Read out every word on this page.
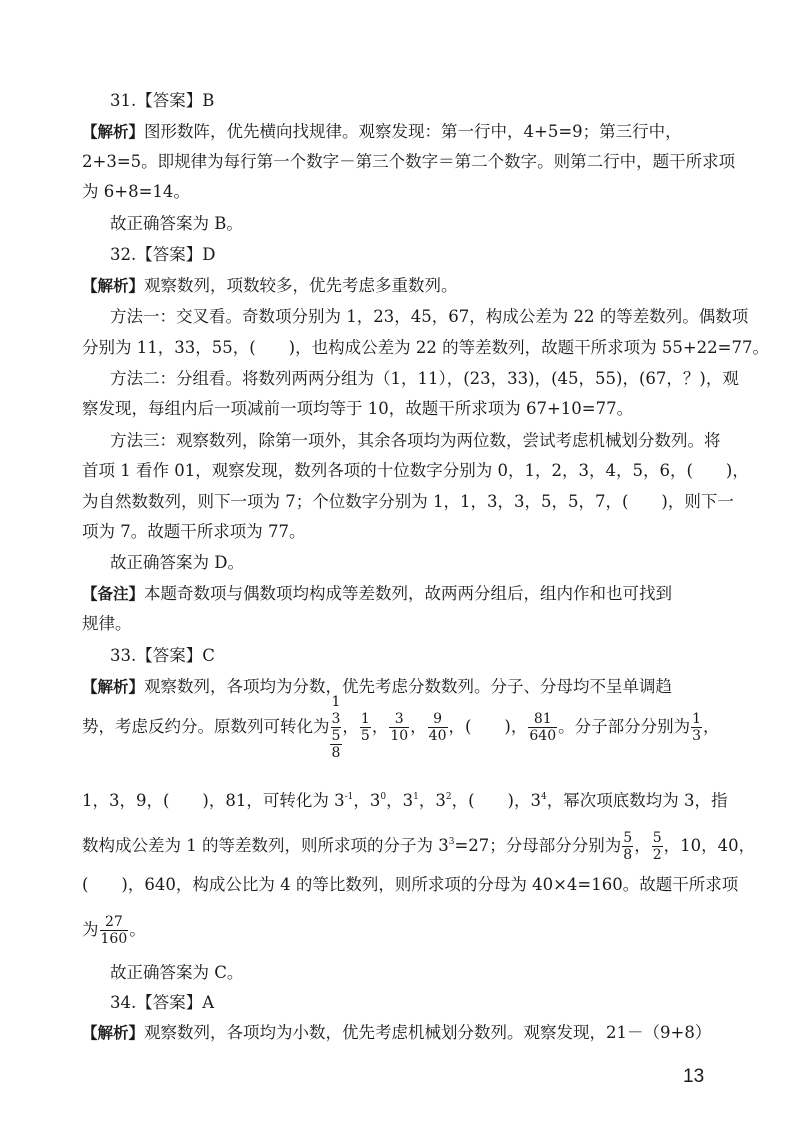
31.【答案】B
【解析】图形数阵，优先横向找规律。观察发现：第一行中，4+5=9；第三行中，
2+3=5。即规律为每行第一个数字－第三个数字＝第二个数字。则第二行中，题干所求项
为 6+8=14。
故正确答案为 B。
32.【答案】D
【解析】观察数列，项数较多，优先考虑多重数列。
方法一：交叉看。奇数项分别为 1，23，45，67，构成公差为 22 的等差数列。偶数项
分别为 11，33，55，(　　)，也构成公差为 22 的等差数列，故题干所求项为 55+22=77。
方法二：分组看。将数列两两分组为（1，11），(23，33)，(45，55)，(67，？)，观
察发现，每组内后一项减前一项均等于 10，故题干所求项为 67+10=77。
方法三：观察数列，除第一项外，其余各项均为两位数，尝试考虑机械划分数列。将
首项 1 看作 01，观察发现，数列各项的十位数字分别为 0，1，2，3，4，5，6，(　　)，
为自然数数列，则下一项为 7；个位数字分别为 1，1，3，3，5，5，7，(　　)，则下一
项为 7。故题干所求项为 77。
故正确答案为 D。
【备注】本题奇数项与偶数项均构成等差数列，故两两分组后，组内作和也可找到
规律。
33.【答案】C
【解析】观察数列，各项均为分数，优先考虑分数数列。分子、分母均不呈单调趋
势，考虑反约分。原数列可转化为
1
$\frac{3}{5}$
8
， $\frac{1}{5}$ ， $\frac{3}{10}$ ， $\frac{9}{40}$ ，(　　)， $\frac{81}{640}$ 。分子部分分别为 $\frac{1}{3}$ ，
1，3，9，(　　)，81，可转化为 $3^{-1}$，$3^0$，$3^1$，$3^2$，(　　)，$3^4$，幂次项底数均为 3，指
数构成公差为 1 的等差数列，则所求项的分子为 $3^3=27$；分母部分分别为 $\frac{5}{8}$ ， $\frac{5}{2}$ ，10，40，
(　　)，640，构成公比为 4 的等比数列，则所求项的分母为 40×4=160。故题干所求项
为 $\frac{27}{160}$ 。
故正确答案为 C。
34.【答案】A
【解析】观察数列，各项均为小数，优先考虑机械划分数列。观察发现，21－（9+8）
13
